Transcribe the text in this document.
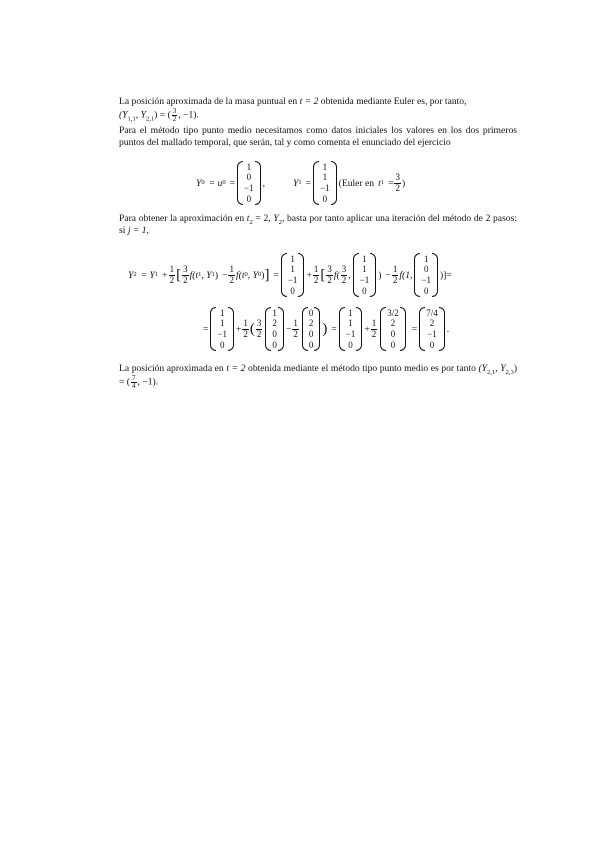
La posición aproximada de la masa puntual en t = 2 obtenida mediante Euler es, por tanto,

($Y_{1,1}$, $Y_{2,1}$) = ( $\frac{3}{2}$ , −1).

Para el método tipo punto medio necesitamos como datos iniciales los valores en los dos primeros puntos del mallado temporal, que serán, tal y como comenta el enunciado del ejercicio

Y 0 = u 0 =
1
0
−1
0
,	Y 1 =
1
1
−1
0
(Euler en t $1 = \frac{3}{2}$ )

Para obtener la aproximación en $t_2 = 2$, $Y_2$, basta por tanto aplicar una iteración del método de 2 pasos: si j = 1,

Y 2 = Y $1 + \frac{1}{2}$ [ $\frac{3}{2} f(t$ 1 , Y 1 ) − $\frac{1}{2} f(t$ 0 , Y 0 ) ] =
1
1
−1
0
+ $\frac{1}{2}$ [ $\frac{3}{2} f( \frac{3}{2}$ ,
1
1
−1
0
) − $\frac{1}{2} f(1$,
1
0
−1
0
)] =
=
1
1
−1
0
+ $\frac{1}{2}$ ( $\frac{3}{2}$
1
2
0
0
− $\frac{1}{2}$
0
2
0
0
) =
1
1
−1
0
+ $\frac{1}{2}$
3/2
2
0
0
=
7/4
2
−1
0
.

La posición aproximada en t = 2 obtenida mediante el método tipo punto medio es por tanto ($Y_{2,1}$, $Y_{2,3}$) = ( $\frac{7}{4}$ , −1).
